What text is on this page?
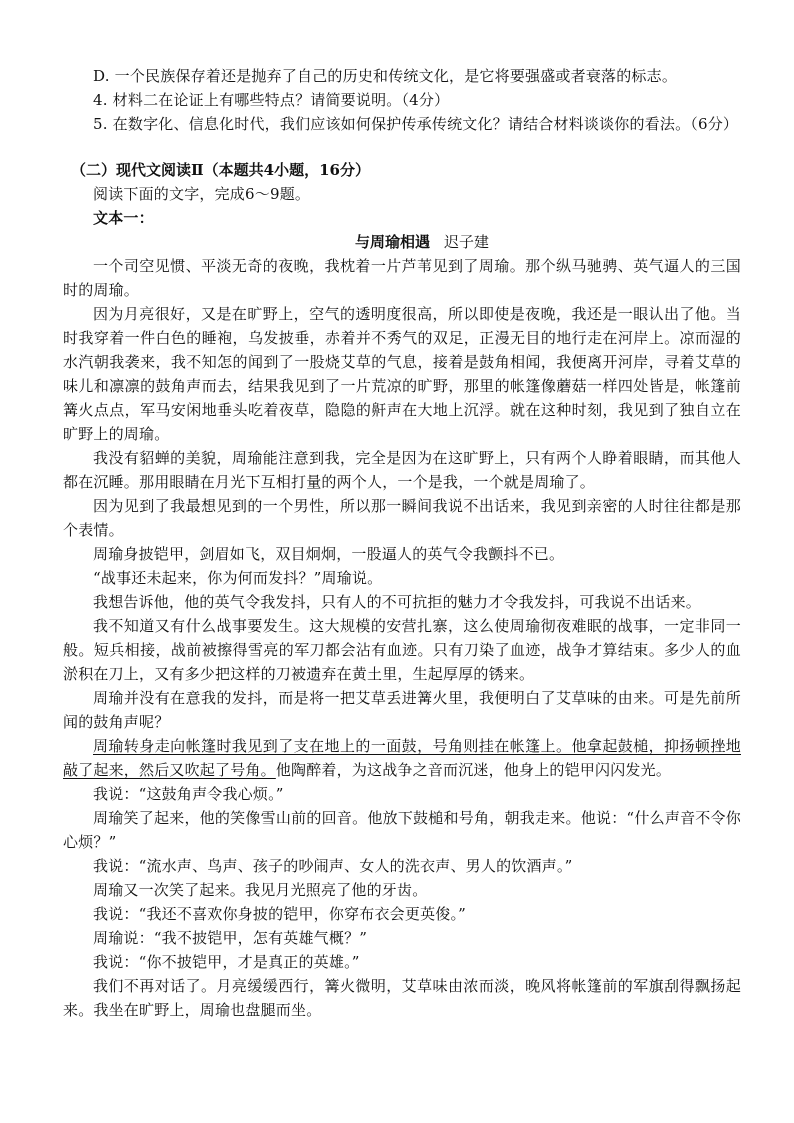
D. 一个民族保存着还是抛弃了自己的历史和传统文化，是它将要强盛或者衰落的标志。

4. 材料二在论证上有哪些特点？请简要说明。（4分）

5. 在数字化、信息化时代，我们应该如何保护传承传统文化？请结合材料谈谈你的看法。（6分）

（二）现代文阅读Ⅱ（本题共4小题，16分）

阅读下面的文字，完成6～9题。

文本一：

与周瑜相遇 迟子建

一个司空见惯、平淡无奇的夜晚，我枕着一片芦苇见到了周瑜。那个纵马驰骋、英气逼人的三国时的周瑜。

因为月亮很好，又是在旷野上，空气的透明度很高，所以即使是夜晚，我还是一眼认出了他。当时我穿着一件白色的睡袍，乌发披垂，赤着并不秀气的双足，正漫无目的地行走在河岸上。凉而湿的水汽朝我袭来，我不知怎的闻到了一股烧艾草的气息，接着是鼓角相闻，我便离开河岸，寻着艾草的味儿和凛凛的鼓角声而去，结果我见到了一片荒凉的旷野，那里的帐篷像蘑菇一样四处皆是，帐篷前篝火点点，军马安闲地垂头吃着夜草，隐隐的鼾声在大地上沉浮。就在这种时刻，我见到了独自立在旷野上的周瑜。

我没有貂蝉的美貌，周瑜能注意到我，完全是因为在这旷野上，只有两个人睁着眼睛，而其他人都在沉睡。那用眼睛在月光下互相打量的两个人，一个是我，一个就是周瑜了。

因为见到了我最想见到的一个男性，所以那一瞬间我说不出话来，我见到亲密的人时往往都是那个表情。

周瑜身披铠甲，剑眉如飞，双目炯炯，一股逼人的英气令我颤抖不已。

“战事还未起来，你为何而发抖？”周瑜说。

我想告诉他，他的英气令我发抖，只有人的不可抗拒的魅力才令我发抖，可我说不出话来。

我不知道又有什么战事要发生。这大规模的安营扎寨，这么使周瑜彻夜难眠的战事，一定非同一般。短兵相接，战前被擦得雪亮的军刀都会沾有血迹。只有刀染了血迹，战争才算结束。多少人的血淤积在刀上，又有多少把这样的刀被遗弃在黄土里，生起厚厚的锈来。

周瑜并没有在意我的发抖，而是将一把艾草丢进篝火里，我便明白了艾草味的由来。可是先前所闻的鼓角声呢？

周瑜转身走向帐篷时我见到了支在地上的一面鼓，号角则挂在帐篷上。他拿起鼓槌，抑扬顿挫地敲了起来，然后又吹起了号角。他陶醉着，为这战争之音而沉迷，他身上的铠甲闪闪发光。

我说：“这鼓角声令我心烦。”

周瑜笑了起来，他的笑像雪山前的回音。他放下鼓槌和号角，朝我走来。他说：“什么声音不令你心烦？”

我说：“流水声、鸟声、孩子的吵闹声、女人的洗衣声、男人的饮酒声。”

周瑜又一次笑了起来。我见月光照亮了他的牙齿。

我说：“我还不喜欢你身披的铠甲，你穿布衣会更英俊。”

周瑜说：“我不披铠甲，怎有英雄气概？”

我说：“你不披铠甲，才是真正的英雄。”

我们不再对话了。月亮缓缓西行，篝火微明，艾草味由浓而淡，晚风将帐篷前的军旗刮得飘扬起来。我坐在旷野上，周瑜也盘腿而坐。
